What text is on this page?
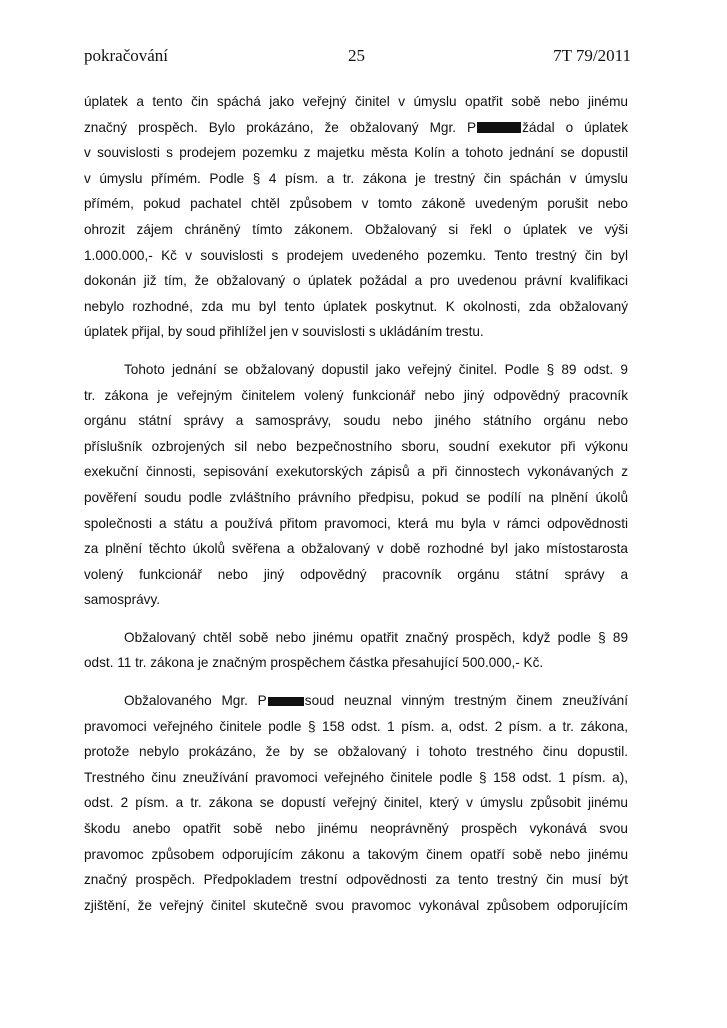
pokračování	25	7T 79/2011
úplatek a tento čin spáchá jako veřejný činitel v úmyslu opatřit sobě nebo jinému
značný prospěch. Bylo prokázáno, že obžalovaný Mgr. P	žádal o úplatek
v souvislosti s prodejem pozemku z majetku města Kolín a tohoto jednání se dopustil
v úmyslu přímém. Podle § 4 písm. a tr. zákona je trestný čin spáchán v úmyslu
přímém, pokud pachatel chtěl způsobem v tomto zákoně uvedeným porušit nebo
ohrozit zájem chráněný tímto zákonem. Obžalovaný si řekl o úplatek ve výši
1.000.000,- Kč v souvislosti s prodejem uvedeného pozemku. Tento trestný čin byl
dokonán již tím, že obžalovaný o úplatek požádal a pro uvedenou právní kvalifikaci
nebylo rozhodné, zda mu byl tento úplatek poskytnut. K okolnosti, zda obžalovaný
úplatek přijal, by soud přihlížel jen v souvislosti s ukládáním trestu.
Tohoto jednání se obžalovaný dopustil jako veřejný činitel. Podle § 89 odst. 9
tr. zákona je veřejným činitelem volený funkcionář nebo jiný odpovědný pracovník
orgánu státní správy a samosprávy, soudu nebo jiného státního orgánu nebo
příslušník ozbrojených sil nebo bezpečnostního sboru, soudní exekutor při výkonu
exekuční činnosti, sepisování exekutorských zápisů a při činnostech vykonávaných z
pověření soudu podle zvláštního právního předpisu, pokud se podílí na plnění úkolů
společnosti a státu a používá přitom pravomoci, která mu byla v rámci odpovědnosti
za plnění těchto úkolů svěřena a obžalovaný v době rozhodné byl jako místostarosta
volený funkcionář nebo jiný odpovědný pracovník orgánu státní správy a
samosprávy.
Obžalovaný chtěl sobě nebo jinému opatřit značný prospěch, když podle § 89
odst. 11 tr. zákona je značným prospěchem částka přesahující 500.000,- Kč.
Obžalovaného Mgr. P	soud neuznal vinným trestným činem zneužívání
pravomoci veřejného činitele podle § 158 odst. 1 písm. a, odst. 2 písm. a tr. zákona,
protože nebylo prokázáno, že by se obžalovaný i tohoto trestného činu dopustil.
Trestného činu zneužívání pravomoci veřejného činitele podle § 158 odst. 1 písm. a),
odst. 2 písm. a tr. zákona se dopustí veřejný činitel, který v úmyslu způsobit jinému
škodu anebo opatřit sobě nebo jinému neoprávněný prospěch vykonává svou
pravomoc způsobem odporujícím zákonu a takovým činem opatří sobě nebo jinému
značný prospěch. Předpokladem trestní odpovědnosti za tento trestný čin musí být
zjištění, že veřejný činitel skutečně svou pravomoc vykonával způsobem odporujícím
